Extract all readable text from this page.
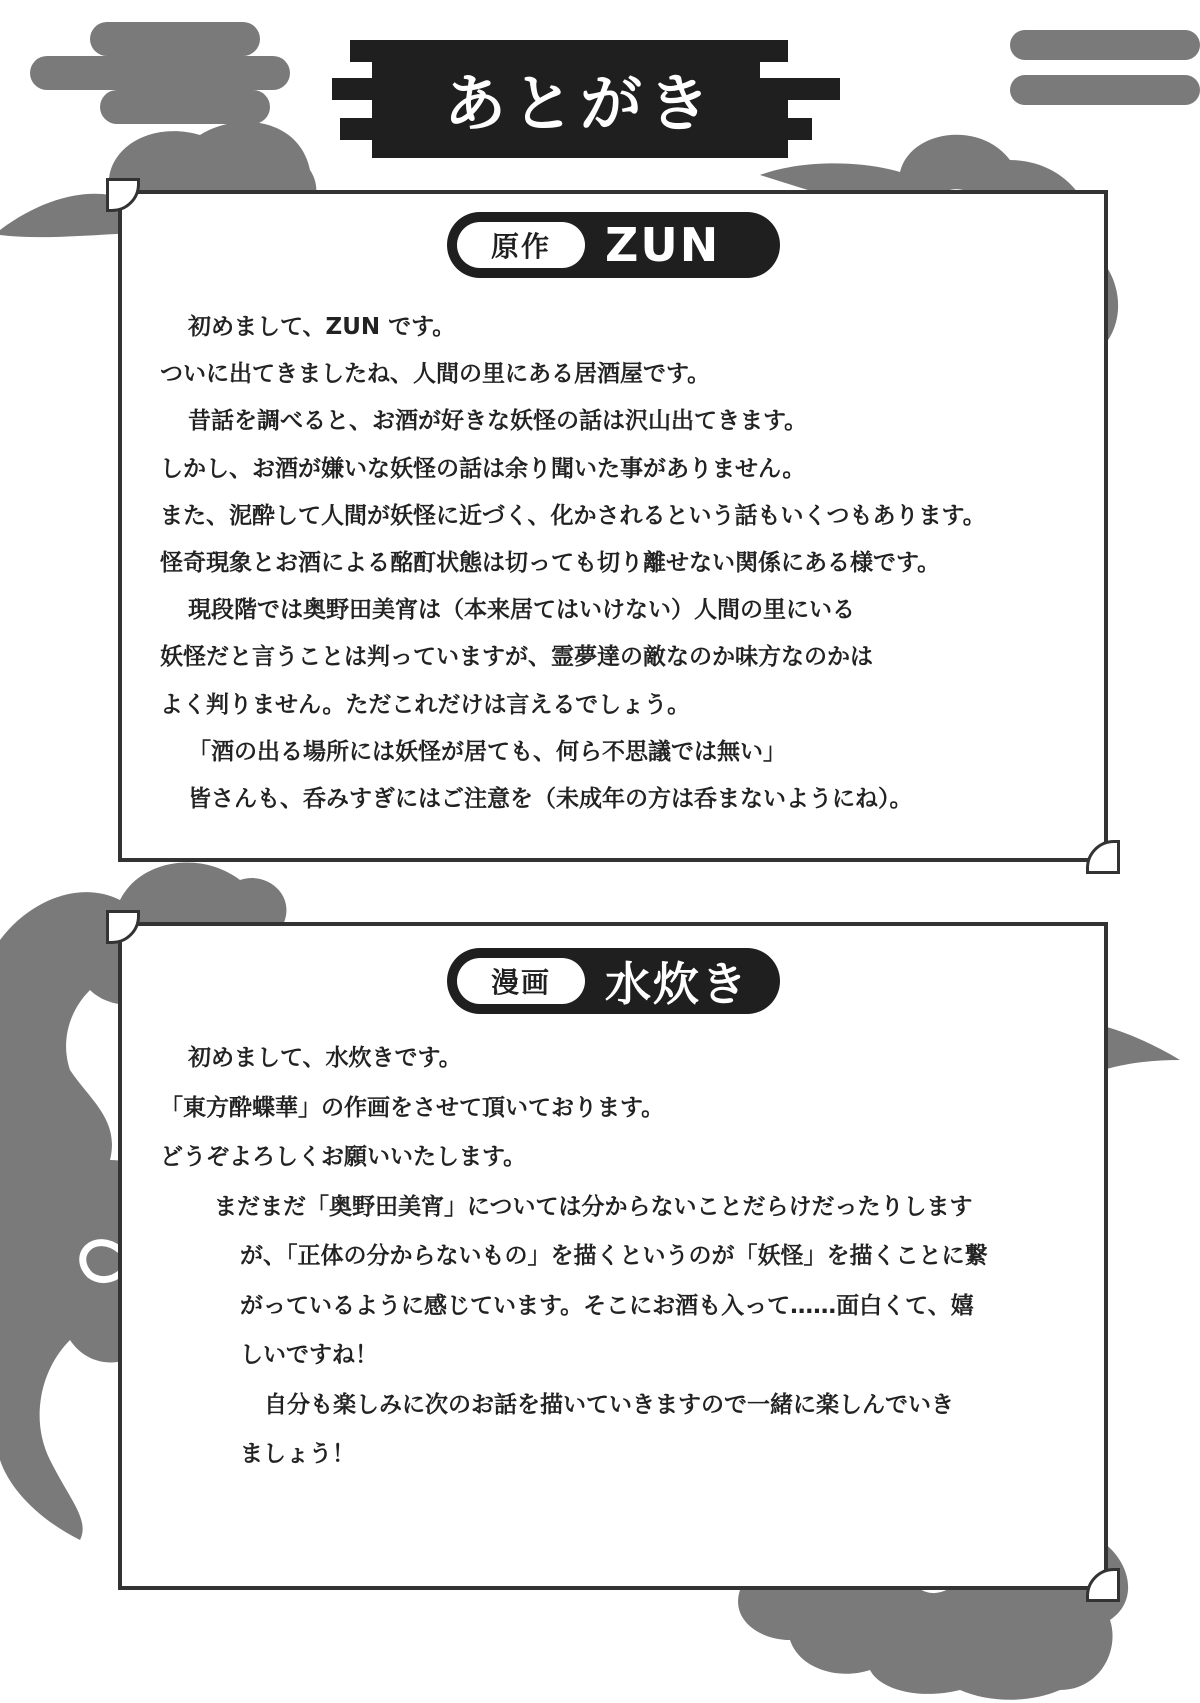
あとがき
原作	ZUN
初めまして、ZUN です。
ついに出てきましたね、人間の里にある居酒屋です。
昔話を調べると、お酒が好きな妖怪の話は沢山出てきます。
しかし、お酒が嫌いな妖怪の話は余り聞いた事がありません。
また、泥酔して人間が妖怪に近づく、化かされるという話もいくつもあります。
怪奇現象とお酒による酩酊状態は切っても切り離せない関係にある様です。
現段階では奥野田美宵は（本来居てはいけない）人間の里にいる
妖怪だと言うことは判っていますが、霊夢達の敵なのか味方なのかは
よく判りません。ただこれだけは言えるでしょう。
「酒の出る場所には妖怪が居ても、何ら不思議では無い」
皆さんも、呑みすぎにはご注意を（未成年の方は呑まないようにね）。
漫画	水炊き
初めまして、水炊きです。
「東方酔蝶華」の作画をさせて頂いております。
どうぞよろしくお願いいたします。
まだまだ「奥野田美宵」については分からないことだらけだったりします
が、「正体の分からないもの」を描くというのが「妖怪」を描くことに繋
がっているように感じています。そこにお酒も入って……面白くて、嬉
しいですね！
自分も楽しみに次のお話を描いていきますので一緒に楽しんでいき
ましょう！
